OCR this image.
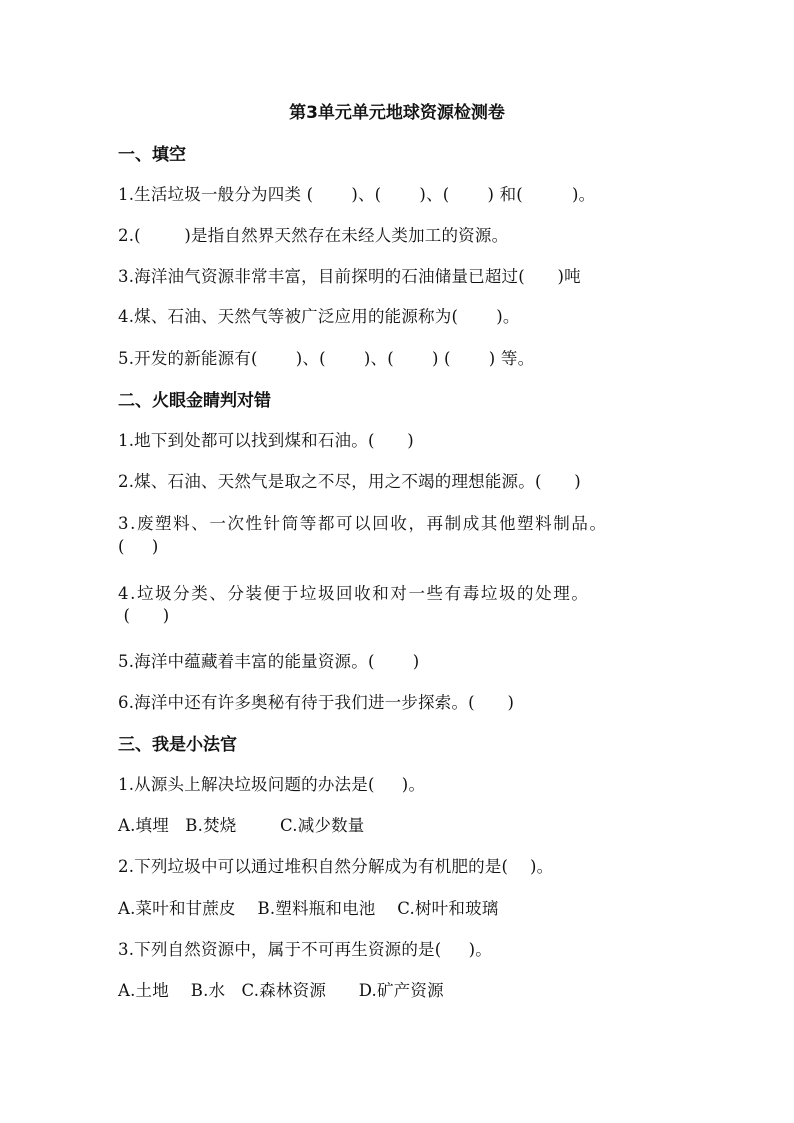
第3单元单元地球资源检测卷
一、填空
1.生活垃圾一般分为四类 (       )、(       )、(       ) 和(         )。
2.(        )是指自然界天然存在未经人类加工的资源。
3.海洋油气资源非常丰富，目前探明的石油储量已超过(      )吨
4.煤、石油、天然气等被广泛应用的能源称为(       )。
5.开发的新能源有(       )、(       )、(       ) (       ) 等。
二、火眼金睛判对错
1.地下到处都可以找到煤和石油。(      )
2.煤、石油、天然气是取之不尽，用之不竭的理想能源。(      )
3.废塑料、一次性针筒等都可以回收，再制成其他塑料制品。
(     )
4.垃圾分类、分装便于垃圾回收和对一些有毒垃圾的处理。
(      )
5.海洋中蕴藏着丰富的能量资源。(       )
6.海洋中还有许多奥秘有待于我们进一步探索。(      )
三、我是小法官
1.从源头上解决垃圾问题的办法是(     )。
A.填埋   B.焚烧        C.减少数量
2.下列垃圾中可以通过堆积自然分解成为有机肥的是(    )。
A.菜叶和甘蔗皮    B.塑料瓶和电池    C.树叶和玻璃
3.下列自然资源中，属于不可再生资源的是(     )。
A.土地    B.水   C.森林资源      D.矿产资源
